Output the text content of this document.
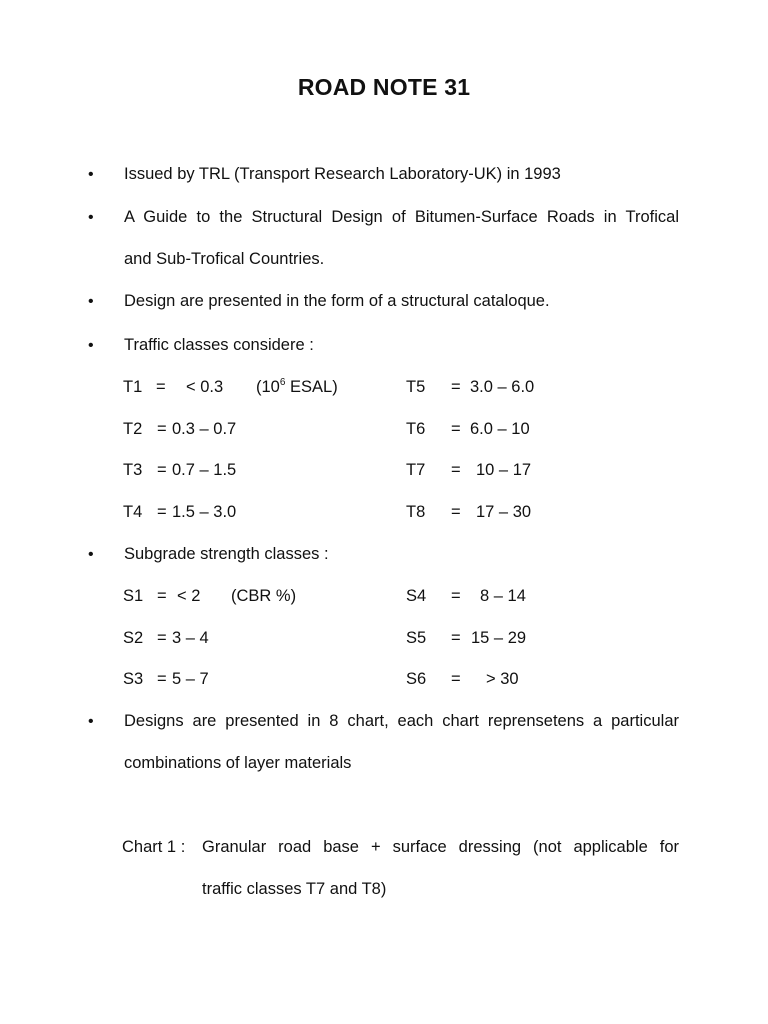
ROAD NOTE 31
• Issued by TRL (Transport Research Laboratory-UK) in 1993
• A Guide to the Structural Design of Bitumen-Surface Roads in Trofical
and Sub-Trofical Countries.
• Design are presented in the form of a structural cataloque.
• Traffic classes considere :
T1 = < 0.3 ($10^6$ ESAL)	T5 = 3.0 – 6.0
T2 = 0.3 – 0.7	T6 = 6.0 – 10
T3 = 0.7 – 1.5	T7 = 10 – 17
T4 = 1.5 – 3.0	T8 = 17 – 30
• Subgrade strength classes :
S1 = < 2 (CBR %)	S4 = 8 – 14
S2 = 3 – 4	S5 = 15 – 29
S3 = 5 – 7	S6 = > 30
• Designs are presented in 8 chart, each chart reprensetens a particular
combinations of layer materials
Chart 1 : Granular road base + surface dressing (not applicable for
traffic classes T7 and T8)
